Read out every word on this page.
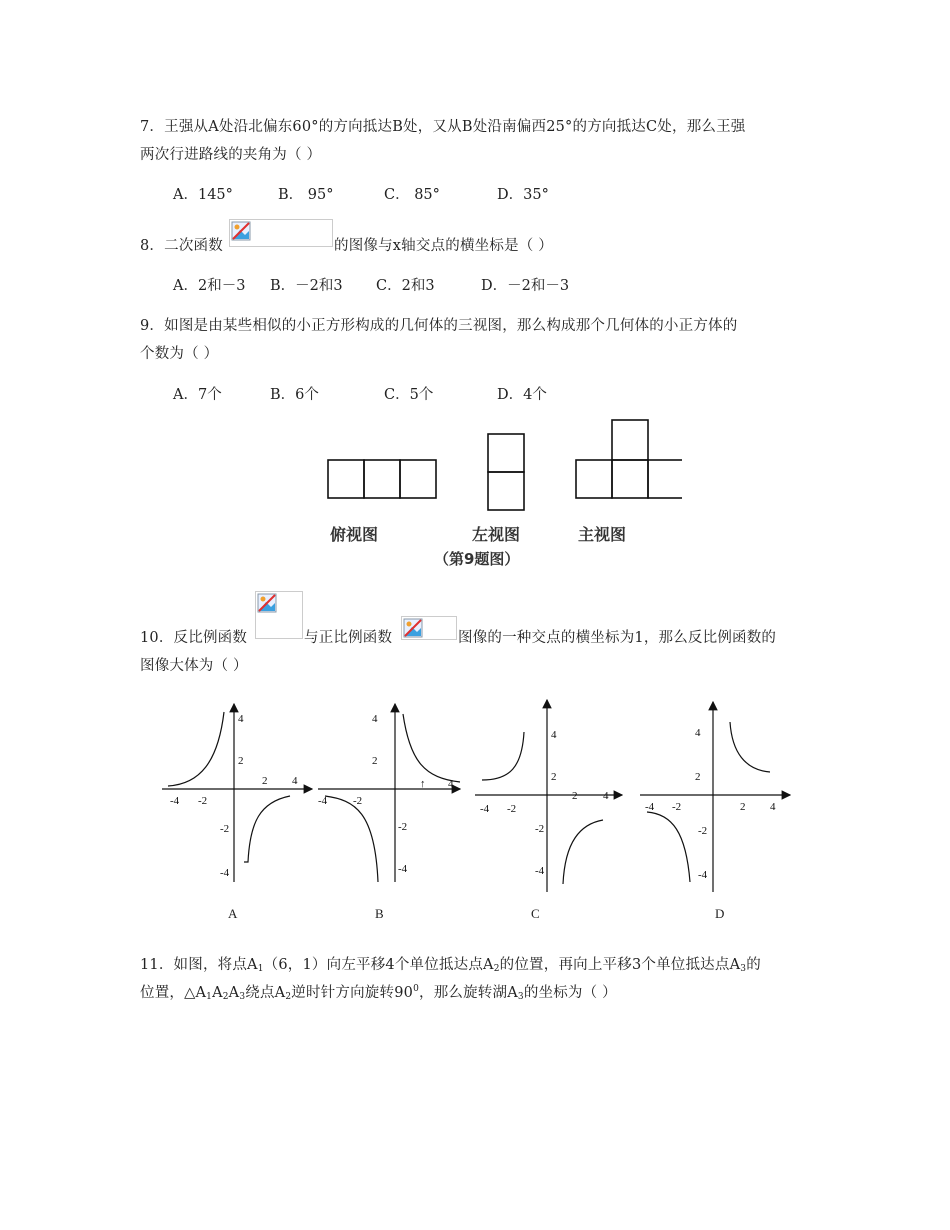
7．王强从A处沿北偏东60°的方向抵达B处，又从B处沿南偏西25°的方向抵达C处，那么王强
两次行进路线的夹角为（ ）
A．145°	B． 95°	C． 85°	D．35°
8．二次函数	的图像与x轴交点的横坐标是（ ）
A．2和－3 B．－2和3 C．2和3	D．－2和－3
9．如图是由某些相似的小正方形构成的几何体的三视图，那么构成那个几何体的小正方体的
个数为（ ）
A．7个	B．6个	C．5个	D．4个
俯视图	左视图	主视图
（第9题图）
10．反比例函数	与正比例函数	图像的一种交点的横坐标为1，那么反比例函数的
图像大体为（ ）
4
2
2 4
-4 -2
-2
-4
4
2
↑ 4
-4 -2
-2
-4
4
2
2 4
-4 -2
-2
-4
4
2
2 4
-4 -2
-2
-4
A	B	C	D
11．如图，将点$A_1(6$，1）向左平移4个单位抵达点$A_2$的位置，再向上平移3个单位抵达点$A_3$的
位置，$\triangle A_1A_2A_3$绕点$A_2$逆时针方向旋转$90^0$，那么旋转湖$A_3$的坐标为（ ）
